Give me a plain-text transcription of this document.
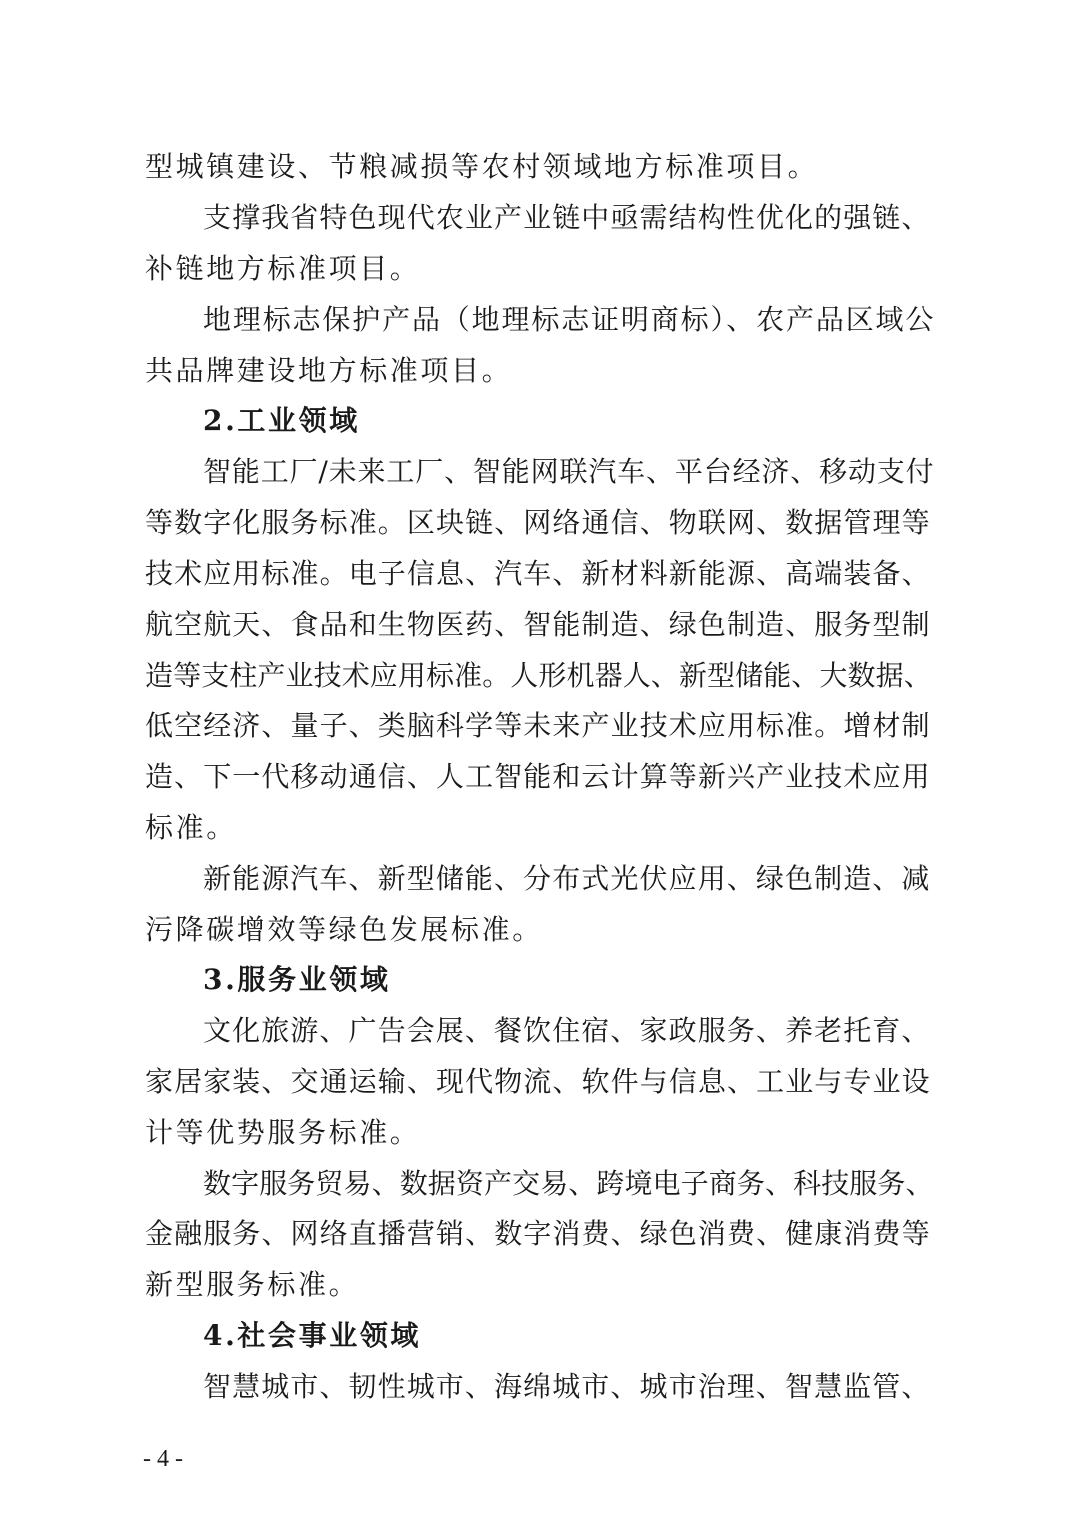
型城镇建设、节粮减损等农村领域地方标准项目。
支撑我省特色现代农业产业链中亟需结构性优化的强链、
补链地方标准项目。
地理标志保护产品（地理标志证明商标）、农产品区域公
共品牌建设地方标准项目。
2.工业领域
智能工厂/未来工厂、智能网联汽车、平台经济、移动支付
等数字化服务标准。区块链、网络通信、物联网、数据管理等
技术应用标准。电子信息、汽车、新材料新能源、高端装备、
航空航天、食品和生物医药、智能制造、绿色制造、服务型制
造等支柱产业技术应用标准。人形机器人、新型储能、大数据、
低空经济、量子、类脑科学等未来产业技术应用标准。增材制
造、下一代移动通信、人工智能和云计算等新兴产业技术应用
标准。
新能源汽车、新型储能、分布式光伏应用、绿色制造、减
污降碳增效等绿色发展标准。
3.服务业领域
文化旅游、广告会展、餐饮住宿、家政服务、养老托育、
家居家装、交通运输、现代物流、软件与信息、工业与专业设
计等优势服务标准。
数字服务贸易、数据资产交易、跨境电子商务、科技服务、
金融服务、网络直播营销、数字消费、绿色消费、健康消费等
新型服务标准。
4.社会事业领域
智慧城市、韧性城市、海绵城市、城市治理、智慧监管、
- 4 -
